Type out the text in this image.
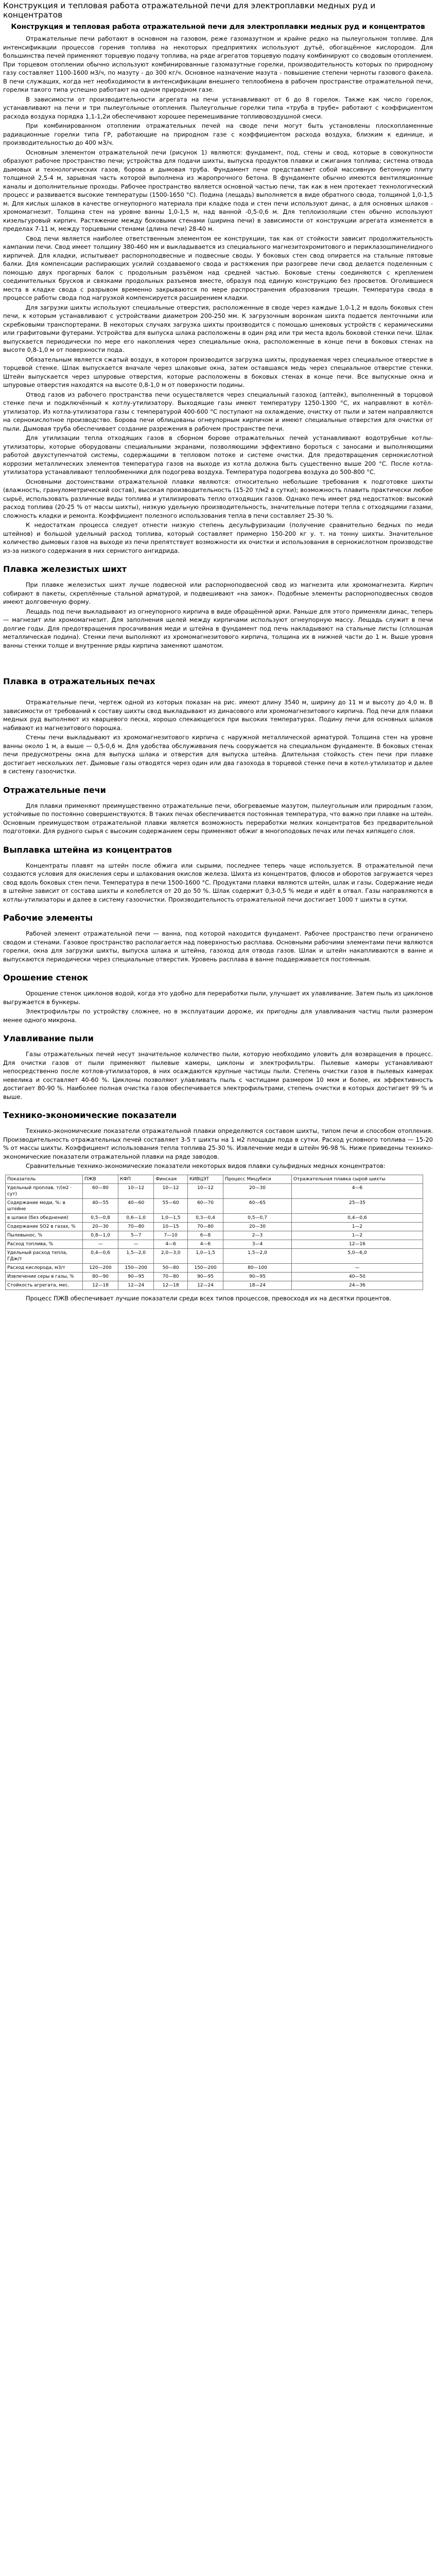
Конструкция и тепловая работа отражательной печи для электроплавки медных руд и концентратов
Конструкция и тепловая работа отражательной печи для электроплавки медных руд и концентратов

Отражательные печи работают в основном на газовом, реже газомазутном и крайне редко на пылеугольном топливе. Для интенсификации процессов горения топлива на некоторых предприятиях используют дутьё, обогащённое кислородом. Для большинства печей применяют торцевую подачу топлива, на ряде агрегатов торцевую подачу комбинируют со сводовым отоплением. При торцевом отоплении обычно используют комбинированные газомазутные горелки, производительность которых по природному газу составляет 1100-1600 м3/ч, по мазуту - до 300 кг/ч. Основное назначение мазута - повышение степени черноты газового факела. В печи служащих, когда нет необходимости в интенсификации внешнего теплообмена в рабочем пространстве отражательной печи, горелки такого типа успешно работают на одном природном газе.

В зависимости от производительности агрегата на печи устанавливают от 6 до 8 горелок. Также как число горелок, устанавливают на печи и три пылеугольные отопления. Пылеугольные горелки типа «труба в трубе» работают с коэффициентом расхода воздуха порядка 1,1-1,2и обеспечивают хорошее перемешивание топливовоздушной смеси.

При комбинированном отоплении отражательных печей на своде печи могут быть установлены плоскопламенные радиационные горелки типа ГР, работающие на природном газе с коэффициентом расхода воздуха, близким к единице, и производительностью до 400 м3/ч.

Основным элементом отражательной печи (рисунок 1) являются: фундамент, под, стены и свод, которые в совокупности образуют рабочее пространство печи; устройства для подачи шихты, выпуска продуктов плавки и сжигания топлива; система отвода дымовых и технологических газов, борова и дымовая труба. Фундамент печи представляет собой массивную бетонную плиту толщиной 2,5-4 м, зарывная часть которой выполнена из жаропрочного бетона. В фундаменте обычно имеются вентиляционные каналы и дополнительные проходы. Рабочее пространство является основной частью печи, так как в нем протекает технологический процесс и развивается высокие температуры (1500-1650 °C). Подина (лещадь) выполняется в виде обратного свода, толщиной 1,0-1,5 м. Для кислых шлаков в качестве огнеупорного материала при кладке пода и стен печи используют динас, а для основных шлаков - хромомагнезит. Толщина стен на уровне ванны 1,0-1,5 м, над ванной -0,5-0,6 м. Для теплоизоляции стен обычно используют кизельгуровый кирпич. Растяжение между боковыми стенами (ширина печи) в зависимости от конструкции агрегата изменяется в пределах 7-11 м, между торцевыми стенами (длина печи) 28-40 м.

Свод печи является наиболее ответственным элементом ее конструкции, так как от стойкости зависит продолжительность кампании печи. Свод имеет толщину 380-460 мм и выкладывается из специального магнезитохромитового и периклазошпинелидного кирпичей. Для кладки, испытывает распорноподвесные и подвесные своды. У боковых стен свод опирается на стальные пятовые балки. Для компенсации распирающих усилий создаваемого свода и растяжения при разогреве печи свод делается поделенным с помощью двух прогарных балок с продольным разъёмом над средней частью. Боковые стены соединяются с креплением соединительных брусков и связками продольных разъемов вместе, образуя под единую конструкцию без просветов. Оголившиеся места в кладке свода с разрывом временно закрываются по мере распространения образования трещин. Температура свода в процессе работы свода под нагрузкой компенсируется расширением кладки.

Для загрузки шихты используют специальные отверстия, расположенные в своде через каждые 1,0-1,2 м вдоль боковых стен печи, к которым устанавливают с устройствами диаметром 200-250 мм. К загрузочным воронкам шихта подается ленточными или скребковыми транспортерами. В некоторых случаях загрузка шихты производится с помощью шнековых устройств с керамическими или графитовыми футерами. Устройства для выпуска шлака расположены в один ряд или три места вдоль боковой стенки печи. Шлак выпускается периодически по мере его накопления через специальные окна, расположенные в конце печи в боковых стенах на высоте 0,8-1,0 м от поверхности пода.

Обязательным является сжатый воздух, в котором производится загрузка шихты, продуваемая через специальное отверстие в торцевой стенке. Шлак выпускается вначале через шлаковые окна, затем оставшаяся медь через специальное отверстие стенки. Штейн выпускается через шпуровые отверстия, которые расположены в боковых стенах в конце печи. Все выпускные окна и шпуровые отверстия находятся на высоте 0,8-1,0 м от поверхности подины.

Отвод газов из рабочего пространства печи осуществляется через специальный газоход (аптейк), выполненный в торцовой стенке печи и подключённый к котлу-утилизатору. Выходящие газы имеют температуру 1250-1300 °C, их направляют в котёл-утилизатор. Из котла-утилизатора газы с температурой 400-600 °C поступают на охлаждение, очистку от пыли и затем направляются на сернокислотное производство. Борова печи облицованы огнеупорным кирпичом и имеют специальные отверстия для очистки от пыли. Дымовая труба обеспечивает создание разрежения в рабочем пространстве печи.

Для утилизации тепла отходящих газов в сборном борове отражательных печей устанавливают водотрубные котлы-утилизаторы, которые оборудованы специальными экранами, позволяющими эффективно бороться с заносами и выполняющими работой двухступенчатой системы, содержащими в тепловом потоке и системе очистки. Для предотвращения сернокислотной коррозии металлических элементов температура газов на выходе из котла должна быть существенно выше 200 °C. После котла-утилизатора устанавливают теплообменники для подогрева воздуха. Температура подогрева воздуха до 500-800 °C.

Основными достоинствами отражательной плавки являются: относительно небольшие требования к подготовке шихты (влажность, гранулометрический состав), высокая производительность (15-20 т/м2 в сутки); возможность плавить практически любое сырьё, использовать различные виды топлива и утилизировать тепло отходящих газов. Однако печь имеет ряд недостатков: высокий расход топлива (20-25 % от массы шихты), низкую удельную производительность, значительные потери тепла с отходящими газами, сложность кладки и ремонта. Коэффициент полезного использования тепла в печи составляет 25-30 %.

К недостаткам процесса следует отнести низкую степень десульфуризации (получение сравнительно бедных по меди штейнов) и большой удельный расход топлива, который составляет примерно 150-200 кг у. т. на тонну шихты. Значительное количество дымовых газов на выходе из печи препятствует возможности их очистки и использования в сернокислотном производстве из-за низкого содержания в них сернистого ангидрида.

Плавка железистых шихт

При плавке железистых шихт лучше подвесной или распорноподвесной свод из магнезита или хромомагнезита. Кирпич собирают в пакеты, скреплённые стальной арматурой, и подвешивают «на замок». Подобные элементы распорноподвесных сводов имеют долговечную форму.

Лещадь под печи выкладывают из огнеупорного кирпича в виде обращённой арки. Раньше для этого применяли динас, теперь — магнезит или хромомагнезит. Для заполнения щелей между кирпичами используют огнеупорную массу. Лещадь служит в печи долгие годы. Для предотвращения просачивания меди и штейна в фундамент под печь накладывают на стальные листы (сплошная металлическая подина). Стенки печи выполняют из хромомагнезитового кирпича, толщина их в нижней части до 1 м. Выше уровня ванны стенки толще и внутренние ряды кирпича заменяют шамотом.

Плавка в отражательных печах

Отражательные печи, чертеж одной из которых показан на рис. имеют длину 3540 м, ширину до 11 м и высоту до 4,0 м. В зависимости от требований к составу шихты свод выкладывают из динасового или хромомагнезитового кирпича. Под печи для плавки медных руд выполняют из кварцевого песка, хорошо спекающегося при высоких температурах. Подину печи для основных шлаков набивают из магнезитового порошка.

Стены печи выкладывают из хромомагнезитового кирпича с наружной металлической арматурой. Толщина стен на уровне ванны около 1 м, а выше — 0,5-0,6 м. Для удобства обслуживания печь сооружается на специальном фундаменте. В боковых стенах печи предусмотрены окна для выпуска шлака и отверстия для выпуска штейна. Длительная стойкость стен печи при плавке достигает нескольких лет. Дымовые газы отводятся через один или два газохода в торцевой стенке печи в котел-утилизатор и далее в систему газоочистки.

Отражательные печи

Для плавки применяют преимущественно отражательные печи, обогреваемые мазутом, пылеугольным или природным газом, устойчивые по постоянно совершенствуются. В таких печах обеспечивается постоянная температура, что важно при плавке на штейн. Основным преимуществом отражательной плавки является возможность переработки мелких концентратов без предварительной подготовки. Для рудного сырья с высоким содержанием серы применяют обжиг в многоподовых печах или печах кипящего слоя.

Выплавка штейна из концентратов

Концентраты плавят на штейн после обжига или сырыми, последнее теперь чаще используется. В отражательной печи создаются условия для окисления серы и шлакования окислов железа. Шихта из концентратов, флюсов и оборотов загружается через свод вдоль боковых стен печи. Температура в печи 1500-1600 °C. Продуктами плавки являются штейн, шлак и газы. Содержание меди в штейне зависит от состава шихты и колеблется от 20 до 50 %. Шлак содержит 0,3-0,5 % меди и идёт в отвал. Газы направляются в котлы-утилизаторы и далее в систему газоочистки. Производительность отражательной печи достигает 1000 т шихты в сутки.

Рабочие элементы

Рабочей элемент отражательной печи — ванна, под которой находится фундамент. Рабочее пространство печи ограничено сводом и стенами. Газовое пространство располагается над поверхностью расплава. Основными рабочими элементами печи являются горелки, окна для загрузки шихты, выпуска шлака и штейна, газоход для отвода газов. Шлак и штейн накапливаются в ванне и выпускаются периодически через специальные отверстия. Уровень расплава в ванне поддерживается постоянным.

Орошение стенок

Орошение стенок циклонов водой, когда это удобно для переработки пыли, улучшает их улавливание. Затем пыль из циклонов выгружается в бункеры.

Электрофильтры по устройству сложнее, но в эксплуатации дороже, их пригодны для улавливания частиц пыли размером менее одного микрона.

Улавливание пыли

Газы отражательных печей несут значительное количество пыли, которую необходимо уловить для возвращения в процесс. Для очистки газов от пыли применяют пылевые камеры, циклоны и электрофильтры. Пылевые камеры устанавливают непосредственно после котлов-утилизаторов, в них осаждаются крупные частицы пыли. Степень очистки газов в пылевых камерах невелика и составляет 40-60 %. Циклоны позволяют улавливать пыль с частицами размером 10 мкм и более, их эффективность достигает 80-90 %. Наиболее полная очистка газов обеспечивается электрофильтрами, степень очистки в которых достигает 99 % и выше.

Технико-экономические показатели

Технико-экономические показатели отражательной плавки определяются составом шихты, типом печи и способом отопления. Производительность отражательных печей составляет 3-5 т шихты на 1 м2 площади пода в сутки. Расход условного топлива — 15-20 % от массы шихты. Коэффициент использования тепла топлива 25-30 %. Извлечение меди в штейн 96-98 %. Ниже приведены технико-экономические показатели отражательной плавки на ряде заводов.

Сравнительные технико-экономические показатели некоторых видов плавки сульфидных медных концентратов:

Показатель	ПЖВ	КФП	Финская	КИВЦЭТ	Процесс Мицубиси	Отражательная плавка сырой шихты
Удельный проплав, т/(м2 · сут)	60—80	10—12	10—12	10—12	20—30	4—6
Содержание меди, %: в штейне	40—55	40—60	55—60	60—70	60—65	25—35
в шлаке (без обеднения)	0,5—0,8	0,6—1,0	1,0—1,5	0,3—0,4	0,5—0,7	0,4—0,6
Содержание SO2 в газах, %	20—30	70—80	10—15	70—80	20—30	1—2
Пылевынос, %	0,8—1,0	5—7	7—10	6—8	2—3	1—2
Расход топлива, %	—	—	4—6	4—6	3—4	12—16
Удельный расход тепла, ГДж/т	0,4—0,6	1,5—2,0	2,0—3,0	1,0—1,5	1,5—2,0	5,0—6,0
Расход кислорода, м3/т	120—200	150—200	50—80	150—200	80—100	—
Извлечение серы в газы, %	80—90	90—95	70—80	90—95	90—95	40—50
Стойкость агрегата, мес.	12—18	12—24	12—18	12—24	18—24	24—36

Процесс ПЖВ обеспечивает лучшие показатели среди всех типов процессов, превосходя их на десятки процентов.
